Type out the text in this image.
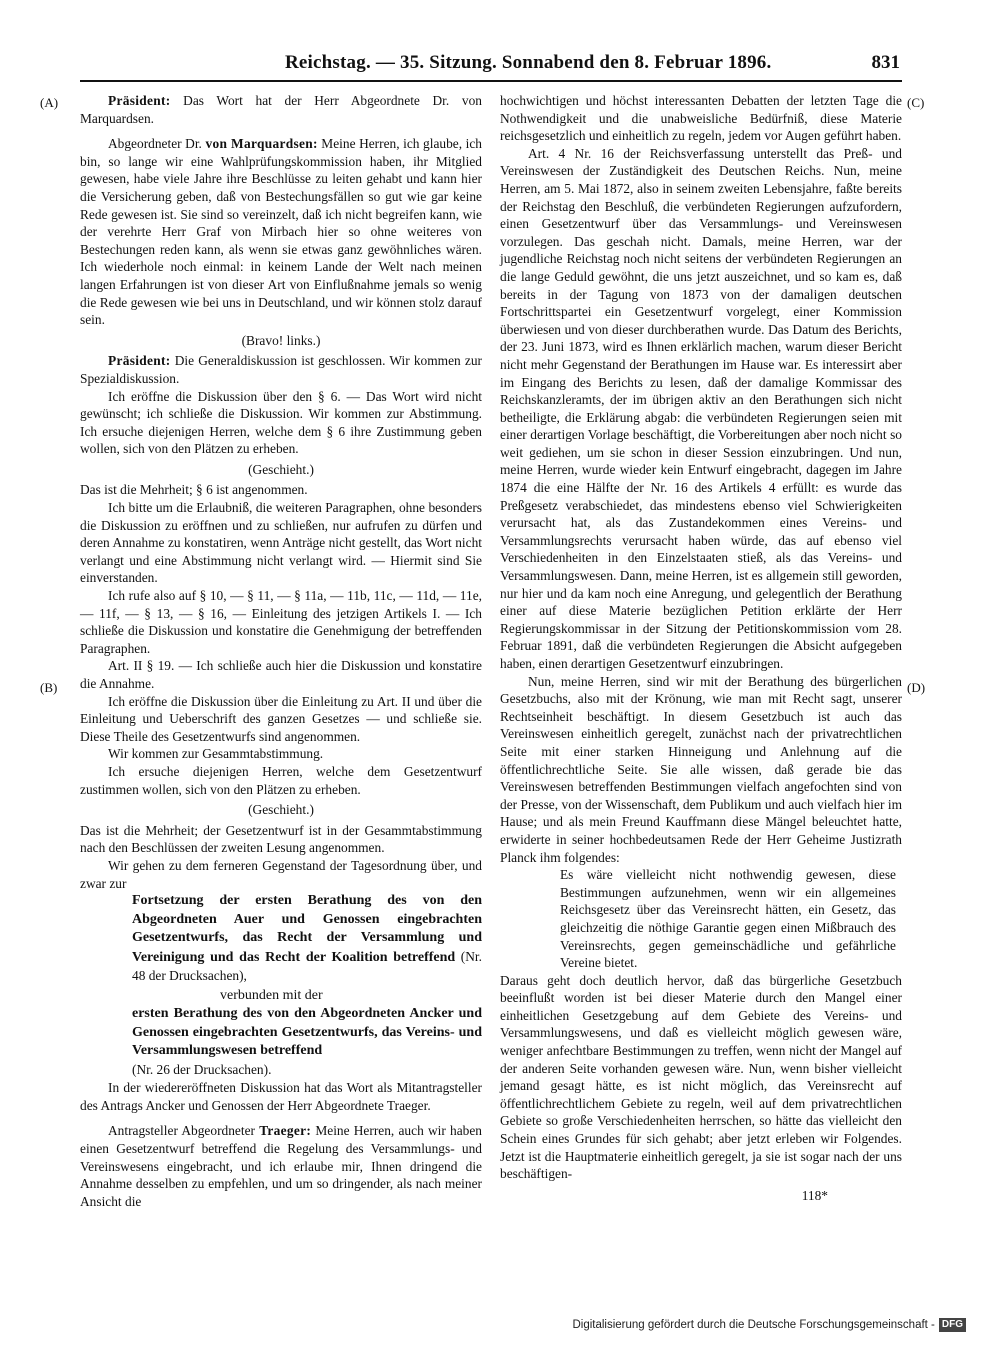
Reichstag. — 35. Sitzung. Sonnabend den 8. Februar 1896.	831
(A)
(B)
(C)
(D)

Präsident: Das Wort hat der Herr Abgeordnete Dr. von Marquardsen.

Abgeordneter Dr. von Marquardsen: Meine Herren, ich glaube, ich bin, so lange wir eine Wahlprüfungskommission haben, ihr Mitglied gewesen, habe viele Jahre ihre Beschlüsse zu leiten gehabt und kann hier die Versicherung geben, daß von Bestechungsfällen so gut wie gar keine Rede gewesen ist. Sie sind so vereinzelt, daß ich nicht begreifen kann, wie der verehrte Herr Graf von Mirbach hier so ohne weiteres von Bestechungen reden kann, als wenn sie etwas ganz gewöhnliches wären. Ich wiederhole noch einmal: in keinem Lande der Welt nach meinen langen Erfahrungen ist von dieser Art von Einflußnahme jemals so wenig die Rede gewesen wie bei uns in Deutschland, und wir können stolz darauf sein.

(Bravo! links.)

Präsident: Die Generaldiskussion ist geschlossen. Wir kommen zur Spezialdiskussion.

Ich eröffne die Diskussion über den § 6. — Das Wort wird nicht gewünscht; ich schließe die Diskussion. Wir kommen zur Abstimmung. Ich ersuche diejenigen Herren, welche dem § 6 ihre Zustimmung geben wollen, sich von den Plätzen zu erheben.

(Geschieht.)

Das ist die Mehrheit; § 6 ist angenommen.

Ich bitte um die Erlaubniß, die weiteren Paragraphen, ohne besonders die Diskussion zu eröffnen und zu schließen, nur aufrufen zu dürfen und deren Annahme zu konstatiren, wenn Anträge nicht gestellt, das Wort nicht verlangt und eine Abstimmung nicht verlangt wird. — Hiermit sind Sie einverstanden.

Ich rufe also auf § 10, — § 11, — § 11a, — 11b, 11c, — 11d, — 11e, — 11f, — § 13, — § 16, — Einleitung des jetzigen Artikels I. — Ich schließe die Diskussion und konstatire die Genehmigung der betreffenden Paragraphen.

Art. II § 19. — Ich schließe auch hier die Diskussion und konstatire die Annahme.

Ich eröffne die Diskussion über die Einleitung zu Art. II und über die Einleitung und Ueberschrift des ganzen Gesetzes — und schließe sie. Diese Theile des Gesetzentwurfs sind angenommen.

Wir kommen zur Gesammtabstimmung.

Ich ersuche diejenigen Herren, welche dem Gesetzentwurf zustimmen wollen, sich von den Plätzen zu erheben.

(Geschieht.)

Das ist die Mehrheit; der Gesetzentwurf ist in der Gesammtabstimmung nach den Beschlüssen der zweiten Lesung angenommen.

Wir gehen zu dem ferneren Gegenstand der Tagesordnung über, und zwar zur

Fortsetzung der ersten Berathung des von den Abgeordneten Auer und Genossen eingebrachten Gesetzentwurfs, das Recht der Versammlung und Vereinigung und das Recht der Koalition betreffend (Nr. 48 der Drucksachen),

verbunden mit der

ersten Berathung des von den Abgeordneten Ancker und Genossen eingebrachten Gesetzentwurfs, das Vereins- und Versammlungswesen betreffend

(Nr. 26 der Drucksachen).

In der wiedereröffneten Diskussion hat das Wort als Mitantragsteller des Antrags Ancker und Genossen der Herr Abgeordnete Traeger.

Antragsteller Abgeordneter Traeger: Meine Herren, auch wir haben einen Gesetzentwurf betreffend die Regelung des Versammlungs- und Vereinswesens eingebracht, und ich erlaube mir, Ihnen dringend die Annahme desselben zu empfehlen, und um so dringender, als nach meiner Ansicht die

hochwichtigen und höchst interessanten Debatten der letzten Tage die Nothwendigkeit und die unabweisliche Bedürfniß, diese Materie reichsgesetzlich und einheitlich zu regeln, jedem vor Augen geführt haben.

Art. 4 Nr. 16 der Reichsverfassung unterstellt das Preß- und Vereinswesen der Zuständigkeit des Deutschen Reichs. Nun, meine Herren, am 5. Mai 1872, also in seinem zweiten Lebensjahre, faßte bereits der Reichstag den Beschluß, die verbündeten Regierungen aufzufordern, einen Gesetzentwurf über das Versammlungs- und Vereinswesen vorzulegen. Das geschah nicht. Damals, meine Herren, war der jugendliche Reichstag noch nicht seitens der verbündeten Regierungen an die lange Geduld gewöhnt, die uns jetzt auszeichnet, und so kam es, daß bereits in der Tagung von 1873 von der damaligen deutschen Fortschrittspartei ein Gesetzentwurf vorgelegt, einer Kommission überwiesen und von dieser durchberathen wurde. Das Datum des Berichts, der 23. Juni 1873, wird es Ihnen erklärlich machen, warum dieser Bericht nicht mehr Gegenstand der Berathungen im Hause war. Es interessirt aber im Eingang des Berichts zu lesen, daß der damalige Kommissar des Reichskanzleramts, der im übrigen aktiv an den Berathungen sich nicht betheiligte, die Erklärung abgab: die verbündeten Regierungen seien mit einer derartigen Vorlage beschäftigt, die Vorbereitungen aber noch nicht so weit gediehen, um sie schon in dieser Session einzubringen. Und nun, meine Herren, wurde wieder kein Entwurf eingebracht, dagegen im Jahre 1874 die eine Hälfte der Nr. 16 des Artikels 4 erfüllt: es wurde das Preßgesetz verabschiedet, das mindestens ebenso viel Schwierigkeiten verursacht hat, als das Zustandekommen eines Vereins- und Versammlungsrechts verursacht haben würde, das auf ebenso viel Verschiedenheiten in den Einzelstaaten stieß, als das Vereins- und Versammlungswesen. Dann, meine Herren, ist es allgemein still geworden, nur hier und da kam noch eine Anregung, und gelegentlich der Berathung einer auf diese Materie bezüglichen Petition erklärte der Herr Regierungskommissar in der Sitzung der Petitionskommission vom 28. Februar 1891, daß die verbündeten Regierungen die Absicht aufgegeben haben, einen derartigen Gesetzentwurf einzubringen.

Nun, meine Herren, sind wir mit der Berathung des bürgerlichen Gesetzbuchs, also mit der Krönung, wie man mit Recht sagt, unserer Rechtseinheit beschäftigt. In diesem Gesetzbuch ist auch das Vereinswesen einheitlich geregelt, zunächst nach der privatrechtlichen Seite mit einer starken Hinneigung und Anlehnung auf die öffentlichrechtliche Seite. Sie alle wissen, daß gerade bie das Vereinswesen betreffenden Bestimmungen vielfach angefochten sind von der Presse, von der Wissenschaft, dem Publikum und auch vielfach hier im Hause; und als mein Freund Kauffmann diese Mängel beleuchtet hatte, erwiderte in seiner hochbedeutsamen Rede der Herr Geheime Justizrath Planck ihm folgendes:

Es wäre vielleicht nicht nothwendig gewesen, diese Bestimmungen aufzunehmen, wenn wir ein allgemeines Reichsgesetz über das Vereinsrecht hätten, ein Gesetz, das gleichzeitig die nöthige Garantie gegen einen Mißbrauch des Vereinsrechts, gegen gemeinschädliche und gefährliche Vereine bietet.

Daraus geht doch deutlich hervor, daß das bürgerliche Gesetzbuch beeinflußt worden ist bei dieser Materie durch den Mangel einer einheitlichen Gesetzgebung auf dem Gebiete des Vereins- und Versammlungswesens, und daß es vielleicht möglich gewesen wäre, weniger anfechtbare Bestimmungen zu treffen, wenn nicht der Mangel auf der anderen Seite vorhanden gewesen wäre. Nun, wenn bisher vielleicht jemand gesagt hätte, es ist nicht möglich, das Vereinsrecht auf öffentlichrechtlichem Gebiete zu regeln, weil auf dem privatrechtlichen Gebiete so große Verschiedenheiten herrschen, so hätte das vielleicht den Schein eines Grundes für sich gehabt; aber jetzt erleben wir Folgendes. Jetzt ist die Hauptmaterie einheitlich geregelt, ja sie ist sogar nach der uns beschäftigen-

118*
Digitalisierung gefördert durch die Deutsche Forschungsgemeinschaft - DFG
